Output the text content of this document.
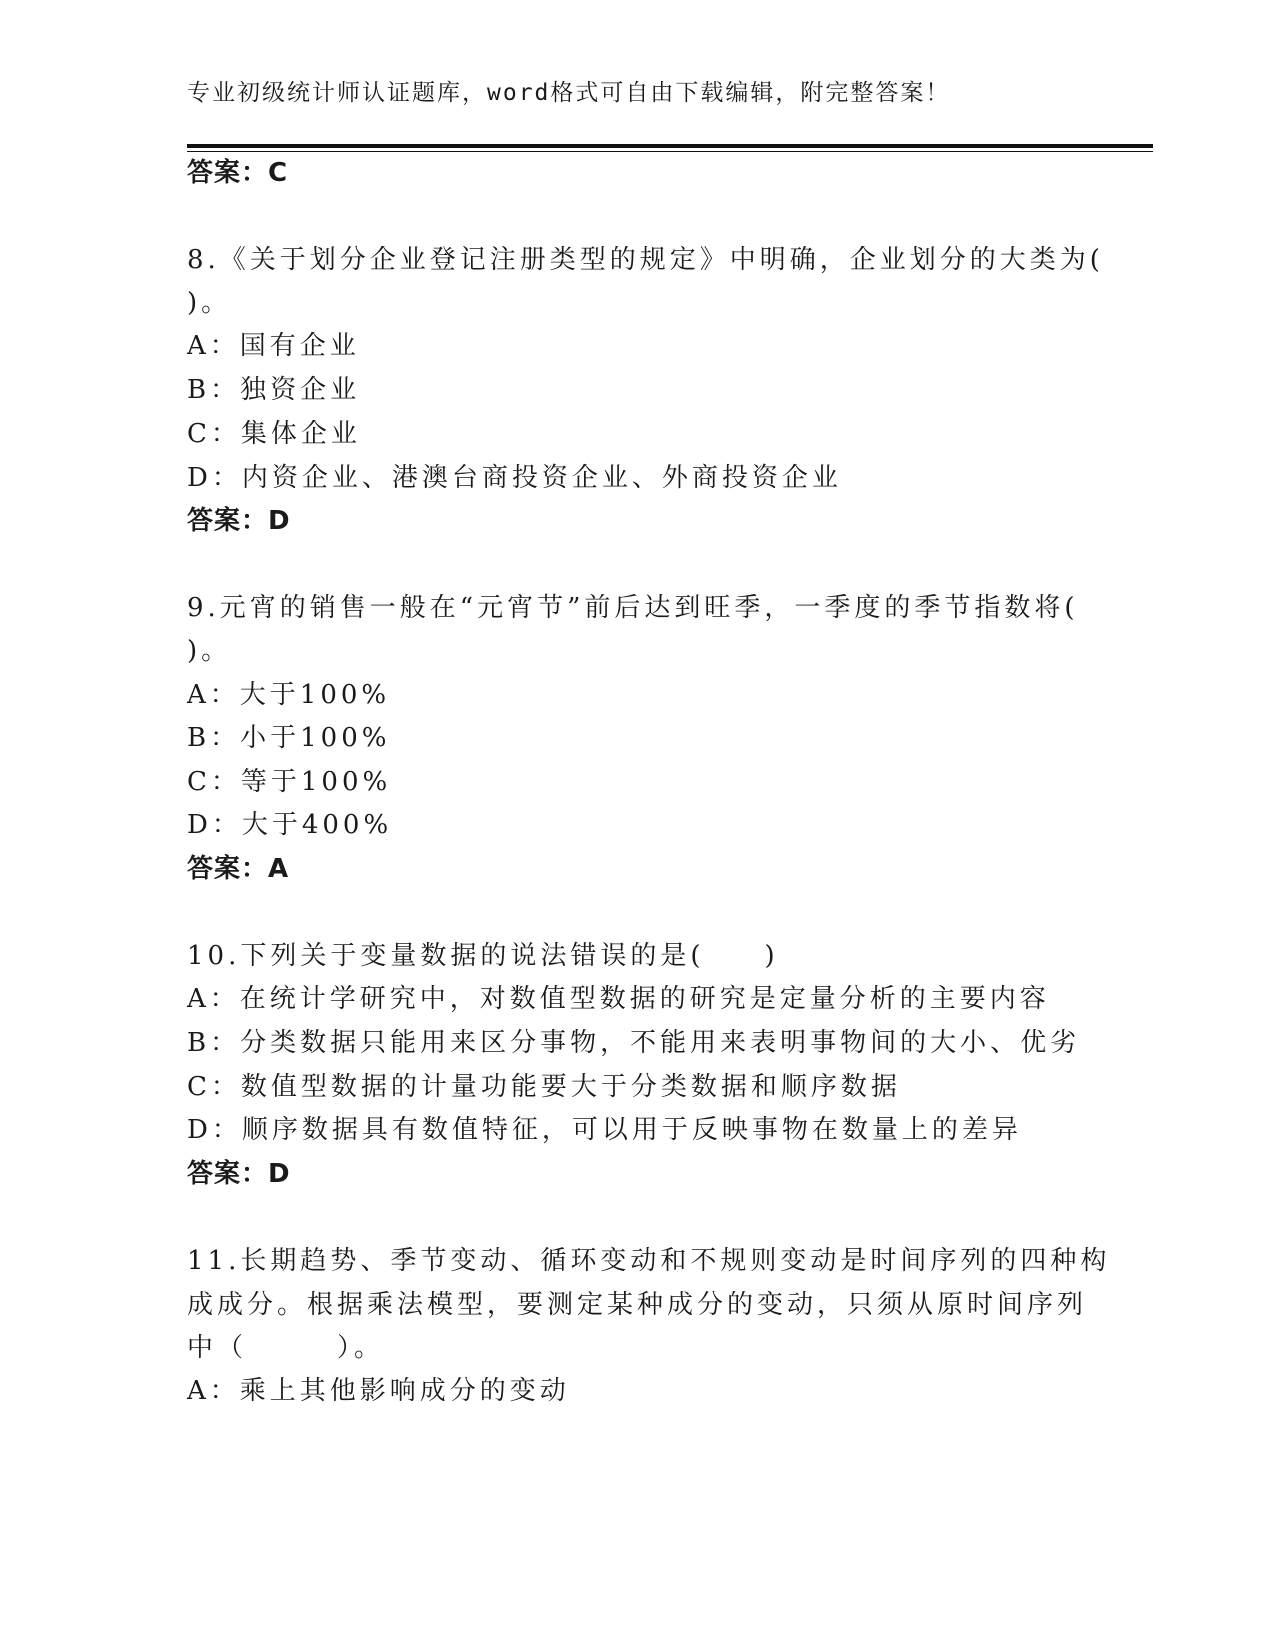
专业初级统计师认证题库，word格式可自由下载编辑，附完整答案！
答案：C
8.《关于划分企业登记注册类型的规定》中明确，企业划分的大类为(
)。
A：国有企业
B：独资企业
C：集体企业
D：内资企业、港澳台商投资企业、外商投资企业
答案：D
9.元宵的销售一般在“元宵节”前后达到旺季，一季度的季节指数将(
)。
A：大于100%
B：小于100%
C：等于100%
D：大于400%
答案：A
10.下列关于变量数据的说法错误的是(　　)
A：在统计学研究中，对数值型数据的研究是定量分析的主要内容
B：分类数据只能用来区分事物，不能用来表明事物间的大小、优劣
C：数值型数据的计量功能要大于分类数据和顺序数据
D：顺序数据具有数值特征，可以用于反映事物在数量上的差异
答案：D
11.长期趋势、季节变动、循环变动和不规则变动是时间序列的四种构
成成分。根据乘法模型，要测定某种成分的变动，只须从原时间序列
中（　　　）。
A：乘上其他影响成分的变动
